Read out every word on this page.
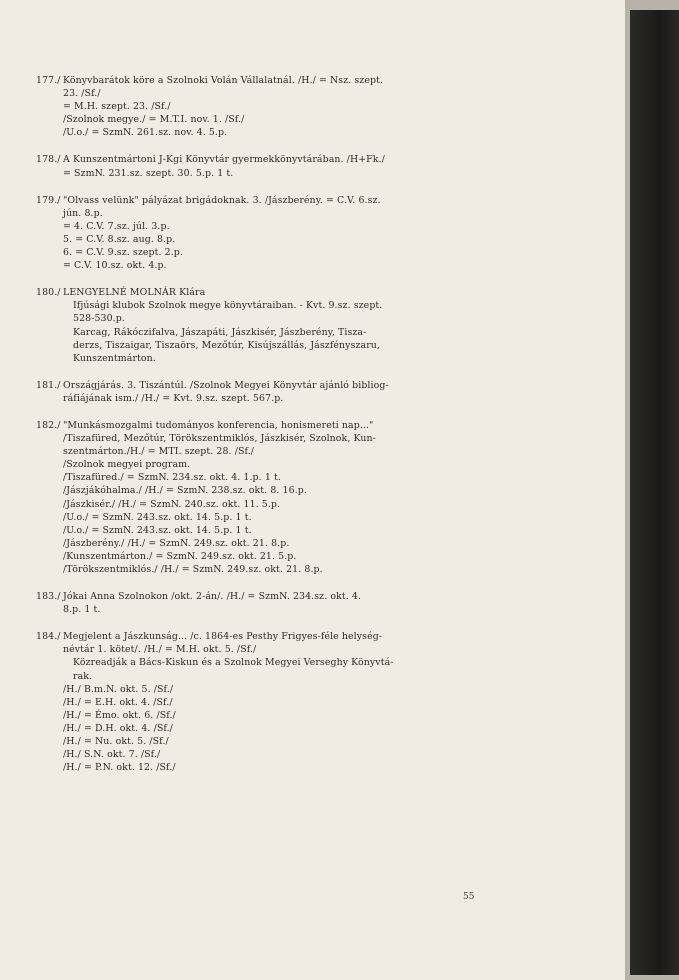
177./ Könyvbarátok köre a Szolnoki Volán Vállalatnál. /H./ = Nsz. szept.
23. /Sf./
= M.H. szept. 23. /Sf./
/Szolnok megye./ = M.T.I. nov. 1. /Sf./
/U.o./ = SzmN. 261.sz. nov. 4. 5.p.
178./ A Kunszentmártoni J-Kgi Könyvtár gyermekkönyvtárában. /H+Fk./
= SzmN. 231.sz. szept. 30. 5.p. 1 t.
179./ "Olvass velünk" pályázat brigádoknak. 3. /Jászberény. = C.V. 6.sz.
jún. 8.p.
= 4. C.V. 7.sz. júl. 3.p.
5. = C.V. 8.sz. aug. 8.p.
6. = C.V. 9.sz. szept. 2.p.
= C.V. 10.sz. okt. 4.p.
180./ LENGYELNÉ MOLNÁR Klára
Ifjúsági klubok Szolnok megye könyvtáraiban. - Kvt. 9.sz. szept.
528-530.p.
Karcag, Rákóczifalva, Jászapáti, Jászkisér, Jászberény, Tisza-
derzs, Tiszaigar, Tiszaörs, Mezőtúr, Kisújszállás, Jászfényszaru,
Kunszentmárton.
181./ Országjárás. 3. Tiszántúl. /Szolnok Megyei Könyvtár ajánló bibliog-
ráfiájának ism./ /H./ = Kvt. 9.sz. szept. 567.p.
182./ "Munkásmozgalmi tudományos konferencia, honismereti nap..."
/Tiszafüred, Mezőtúr, Törökszentmiklós, Jászkisér, Szolnok, Kun-
szentmárton./H./ = MTI. szept. 28. /Sf./
/Szolnok megyei program.
/Tiszafüred./ = SzmN. 234.sz. okt. 4. 1.p. 1 t.
/Jászjákóhalma./ /H./ = SzmN. 238.sz. okt. 8. 16.p.
/Jászkisér./ /H./ = SzmN. 240.sz. okt. 11. 5.p.
/U.o./ = SzmN. 243.sz. okt. 14. 5.p. 1 t.
/U.o./ = SzmN. 243.sz. okt. 14. 5.p. 1 t.
/Jászberény./ /H./ = SzmN. 249.sz. okt. 21. 8.p.
/Kunszentmárton./ = SzmN. 249.sz. okt. 21. 5.p.
/Törökszentmiklós./ /H./ = SzmN. 249.sz. okt. 21. 8.p.
183./ Jókai Anna Szolnokon /okt. 2-án/. /H./ = SzmN. 234.sz. okt. 4.
8.p. 1 t.
184./ Megjelent a Jászkunság... /c. 1864-es Pesthy Frigyes-féle helység-
névtár 1. kötet/. /H./ = M.H. okt. 5. /Sf./
Közreadják a Bács-Kiskun és a Szolnok Megyei Verseghy Könyvtá-
rak.
/H./ B.m.N. okt. 5. /Sf./
/H./ = E.H. okt. 4. /Sf./
/H./ = Émo. okt. 6. /Sf./
/H./ = D.H. okt. 4. /Sf./
/H./ = Nu. okt. 5. /Sf./
/H./ S.N. okt. 7. /Sf./
/H./ = P.N. okt. 12. /Sf./
55
